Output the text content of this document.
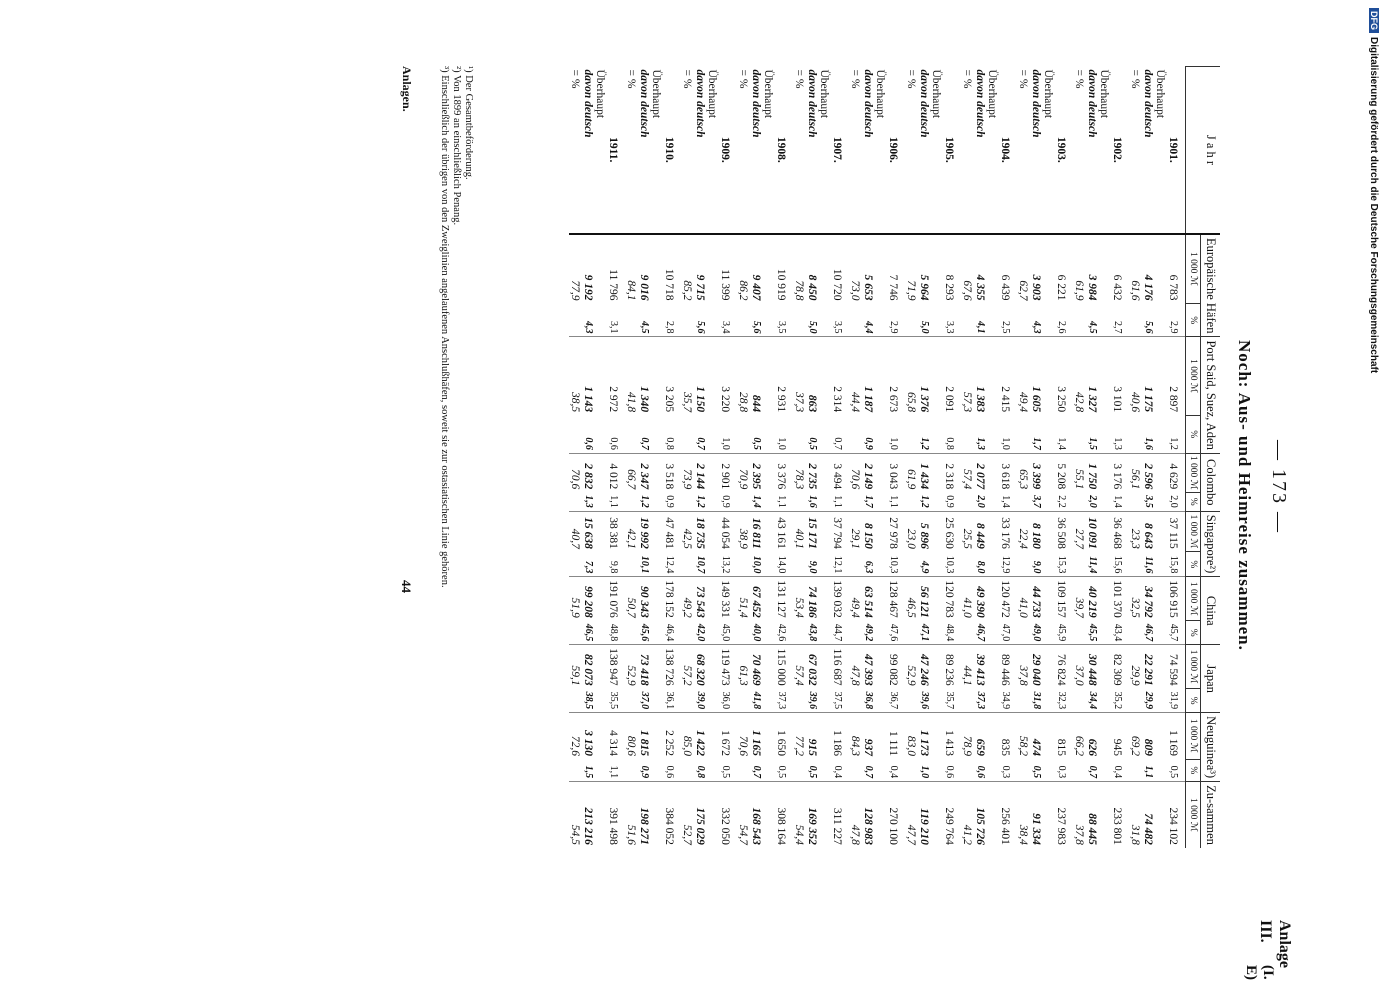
— 173 —
Noch: Aus- und Heimreise zusammen.
Anlage III.
(I. E)
J a h r	Europäische Häfen		Port Said, Suez, Aden		Colombo		Singapore²)		China		Japan		Neuguinea³)		Zu-sammen
	1 000 ℳ	%	1 000 ℳ	%	1 000 ℳ	%	1 000 ℳ	%	1 000 ℳ	%	1 000 ℳ	%	1 000 ℳ	%	1 000 ℳ

1901.
Überhaupt	6 783	2,9	2 897	1,2	4 629	2,0	37 115	15,8	106 915	45,7	74 594	31,9	1 169	0,5	234 102

davon deutsch	4 176	5,6	1 175	1,6	2 596	3,5	8 643	11,6	34 792	46,7	22 291	29,9	809	1,1	74 482

= %	61,6		40,6		56,1		23,3		32,5		29,9		69,2		31,8

1902.
Überhaupt	6 432	2,7	3 101	1,3	3 176	1,4	36 468	15,6	101 370	43,4	82 309	35,2	945	0,4	233 801

davon deutsch	3 984	4,5	1 327	1,5	1 750	2,0	10 091	11,4	40 219	45,5	30 448	34,4	626	0,7	88 445

= %	61,9		42,8		55,1		27,7		39,7		37,0		66,2		37,8

1903.
Überhaupt	6 221	2,6	3 250	1,4	5 208	2,2	36 508	15,3	109 157	45,9	76 824	32,3	815	0,3	237 983

davon deutsch	3 903	4,3	1 605	1,7	3 399	3,7	8 180	9,0	44 733	49,0	29 040	31,8	474	0,5	91 334

= %	62,7		49,4		65,3		22,4		41,0		37,8		58,2		38,4

1904.
Überhaupt	6 439	2,5	2 415	1,0	3 618	1,4	33 176	12,9	120 472	47,0	89 446	34,9	835	0,3	256 401

davon deutsch	4 355	4,1	1 383	1,3	2 077	2,0	8 449	8,0	49 390	46,7	39 413	37,3	659	0,6	105 726

= %	67,6		57,3		57,4		25,5		41,0		44,1		78,9		41,2

1905.
Überhaupt	8 293	3,3	2 091	0,8	2 318	0,9	25 630	10,3	120 783	48,4	89 236	35,7	1 413	0,6	249 764

davon deutsch	5 964	5,0	1 376	1,2	1 434	1,2	5 896	4,9	56 121	47,1	47 246	39,6	1 173	1,0	119 210

= %	71,9		65,8		61,9		23,0		46,5		52,9		83,0		47,7

1906.
Überhaupt	7 746	2,9	2 673	1,0	3 043	1,1	27 978	10,3	128 467	47,6	99 082	36,7	1 111	0,4	270 100

davon deutsch	5 653	4,4	1 187	0,9	2 149	1,7	8 150	6,3	63 514	49,2	47 393	36,8	937	0,7	128 983

= %	73,0		44,4		70,6		29,1		49,4		47,8		84,3		47,8

1907.
Überhaupt	10 720	3,5	2 314	0,7	3 494	1,1	37 794	12,1	139 032	44,7	116 687	37,5	1 186	0,4	311 227

davon deutsch	8 450	5,0	863	0,5	2 735	1,6	15 171	9,0	74 186	43,8	67 032	39,6	915	0,5	169 352

= %	78,8		37,3		78,3		40,1		53,4		57,4		77,2		54,4

1908.
Überhaupt	10 919	3,5	2 931	1,0	3 376	1,1	43 161	14,0	131 127	42,6	115 000	37,3	1 650	0,5	308 164

davon deutsch	9 407	5,6	844	0,5	2 395	1,4	16 811	10,0	67 452	40,0	70 469	41,8	1 165	0,7	168 543

= %	86,2		28,8		70,9		38,9		51,4		61,3		70,6		54,7

1909.
Überhaupt	11 399	3,4	3 220	1,0	2 901	0,9	44 054	13,2	149 331	45,0	119 473	36,0	1 672	0,5	332 050

davon deutsch	9 715	5,6	1 150	0,7	2 144	1,2	18 735	10,7	73 543	42,0	68 320	39,0	1 422	0,8	175 029

= %	85,2		35,7		73,9		42,5		49,2		57,2		85,0		52,7

1910.
Überhaupt	10 718	2,8	3 205	0,8	3 518	0,9	47 481	12,4	178 152	46,4	138 726	36,1	2 252	0,6	384 052

davon deutsch	9 016	4,5	1 340	0,7	2 347	1,2	19 992	10,1	90 343	45,6	73 418	37,0	1 815	0,9	198 271

= %	84,1		41,8		66,7		42,1		50,7		52,9		80,6		51,6

1911.
Überhaupt	11 796	3,1	2 972	0,6	4 012	1,1	38 381	9,8	191 076	48,8	138 947	35,5	4 314	1,1	391 498

davon deutsch	9 192	4,3	1 143	0,6	2 832	1,3	15 638	7,3	99 208	46,5	82 073	38,5	3 130	1,5	213 216

= %	77,9		38,5		70,6		40,7		51,9		59,1		72,6		54,5
¹) Der Gesamtbeförderung.
²) Von 1899 an einschließlich Penang.
³) Einschließlich der übrigen von den Zweiglinien angelaufenen Anschlußhäfen, soweit sie zur ostasiatischen Linie gehören.
Anlagen.
44
DFGDigitalisierung gefördert durch die Deutsche Forschungsgemeinschaft
